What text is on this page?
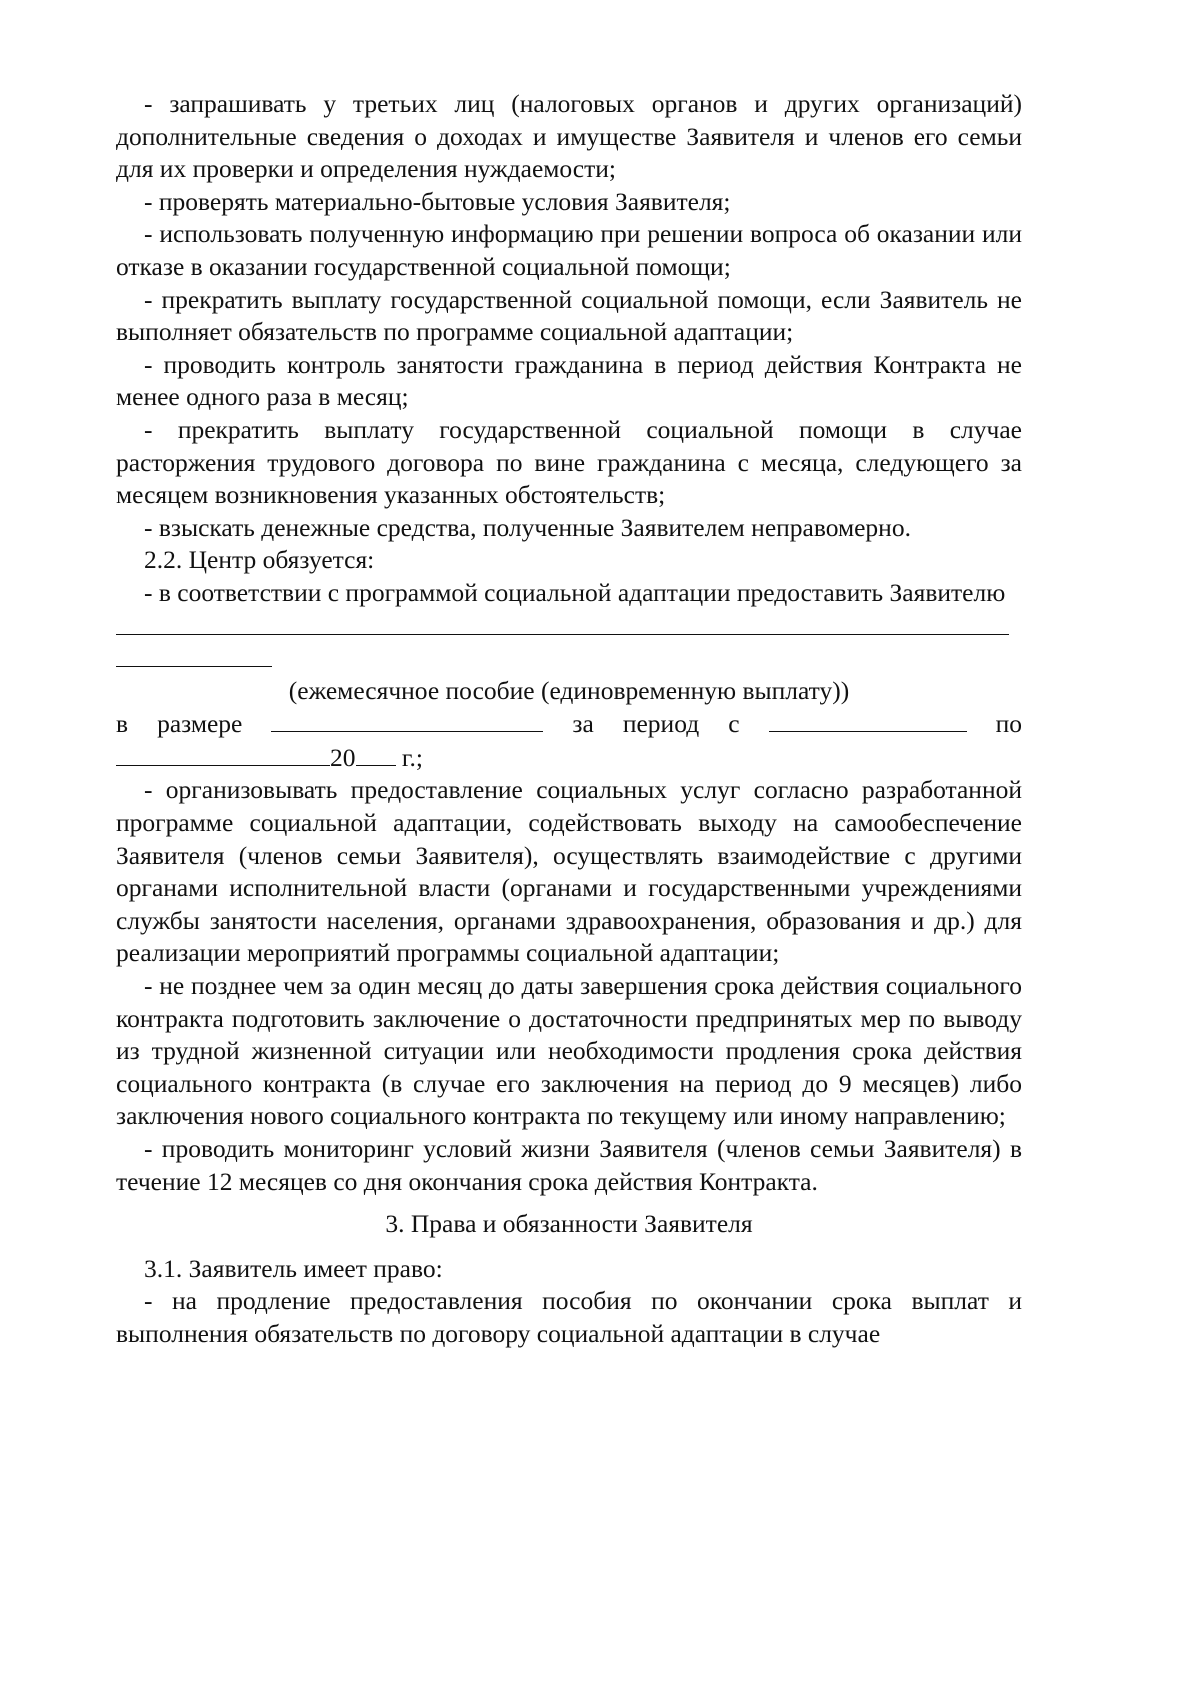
- запрашивать у третьих лиц (налоговых органов и других организаций) дополнительные сведения о доходах и имуществе Заявителя и членов его семьи для их проверки и определения нуждаемости;

- проверять материально-бытовые условия Заявителя;

- использовать полученную информацию при решении вопроса об оказании или отказе в оказании государственной социальной помощи;

- прекратить выплату государственной социальной помощи, если Заявитель не выполняет обязательств по программе социальной адаптации;

- проводить контроль занятости гражданина в период действия Контракта не менее одного раза в месяц;

- прекратить выплату государственной социальной помощи в случае расторжения трудового договора по вине гражданина с месяца, следующего за месяцем возникновения указанных обстоятельств;

- взыскать денежные средства, полученные Заявителем неправомерно.

2.2. Центр обязуется:

- в соответствии с программой социальной адаптации предоставить Заявителю

(ежемесячное пособие (единовременную выплату))

в размере	за период с	по
20 г.;

- организовывать предоставление социальных услуг согласно разработанной программе социальной адаптации, содействовать выходу на самообеспечение Заявителя (членов семьи Заявителя), осуществлять взаимодействие с другими органами исполнительной власти (органами и государственными учреждениями службы занятости населения, органами здравоохранения, образования и др.) для реализации мероприятий программы социальной адаптации;

- не позднее чем за один месяц до даты завершения срока действия социального контракта подготовить заключение о достаточности предпринятых мер по выводу из трудной жизненной ситуации или необходимости продления срока действия социального контракта (в случае его заключения на период до 9 месяцев) либо заключения нового социального контракта по текущему или иному направлению;

- проводить мониторинг условий жизни Заявителя (членов семьи Заявителя) в течение 12 месяцев со дня окончания срока действия Контракта.

3. Права и обязанности Заявителя

3.1. Заявитель имеет право:

- на продление предоставления пособия по окончании срока выплат и выполнения обязательств по договору социальной адаптации в случае
